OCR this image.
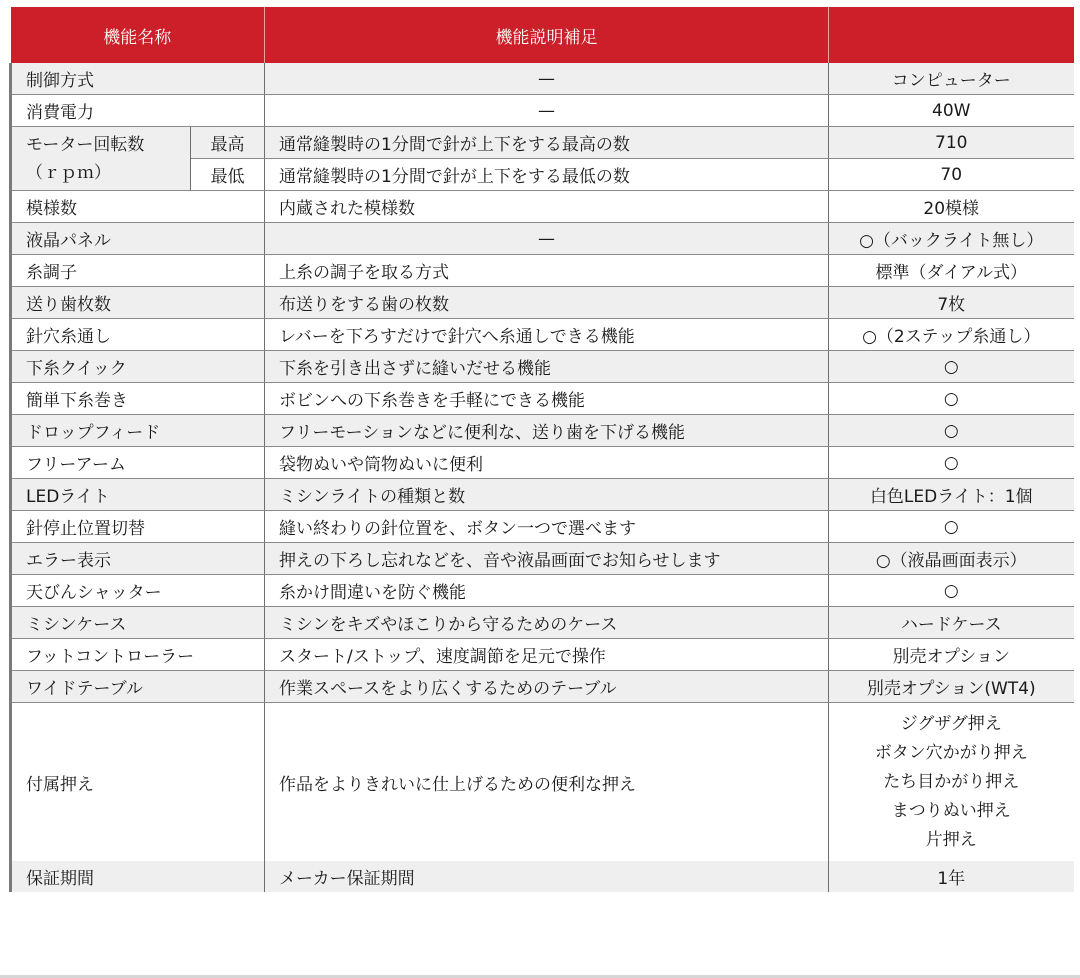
機能名称		機能説明補足	
制御方式		—	コンピューター
消費電力		—	40W

モーター回転数
（ｒｐｍ）	最高	通常縫製時の1分間で針が上下をする最高の数	710
	最低	通常縫製時の1分間で針が上下をする最低の数	70
模様数		内蔵された模様数	20模様
液晶パネル		—	○（バックライト無し）
糸調子		上糸の調子を取る方式	標準（ダイアル式）
送り歯枚数		布送りをする歯の枚数	7枚
針穴糸通し		レバーを下ろすだけで針穴へ糸通しできる機能	○（2ステップ糸通し）
下糸クイック		下糸を引き出さずに縫いだせる機能	○
簡単下糸巻き		ボビンへの下糸巻きを手軽にできる機能	○
ドロップフィード		フリーモーションなどに便利な、送り歯を下げる機能	○
フリーアーム		袋物ぬいや筒物ぬいに便利	○
LEDライト		ミシンライトの種類と数	白色LEDライト：1個
針停止位置切替		縫い終わりの針位置を、ボタン一つで選べます	○
エラー表示		押えの下ろし忘れなどを、音や液晶画面でお知らせします	○（液晶画面表示）
天びんシャッター		糸かけ間違いを防ぐ機能	○
ミシンケース		ミシンをキズやほこりから守るためのケース	ハードケース
フットコントローラー		スタート/ストップ、速度調節を足元で操作	別売オプション
ワイドテーブル		作業スペースをより広くするためのテーブル	別売オプション(WT4)
付属押え		作品をよりきれいに仕上げるための便利な押え	ジグザグ押え
ボタン穴かがり押え
たち目かがり押え
まつりぬい押え
片押え

保証期間		メーカー保証期間	1年
